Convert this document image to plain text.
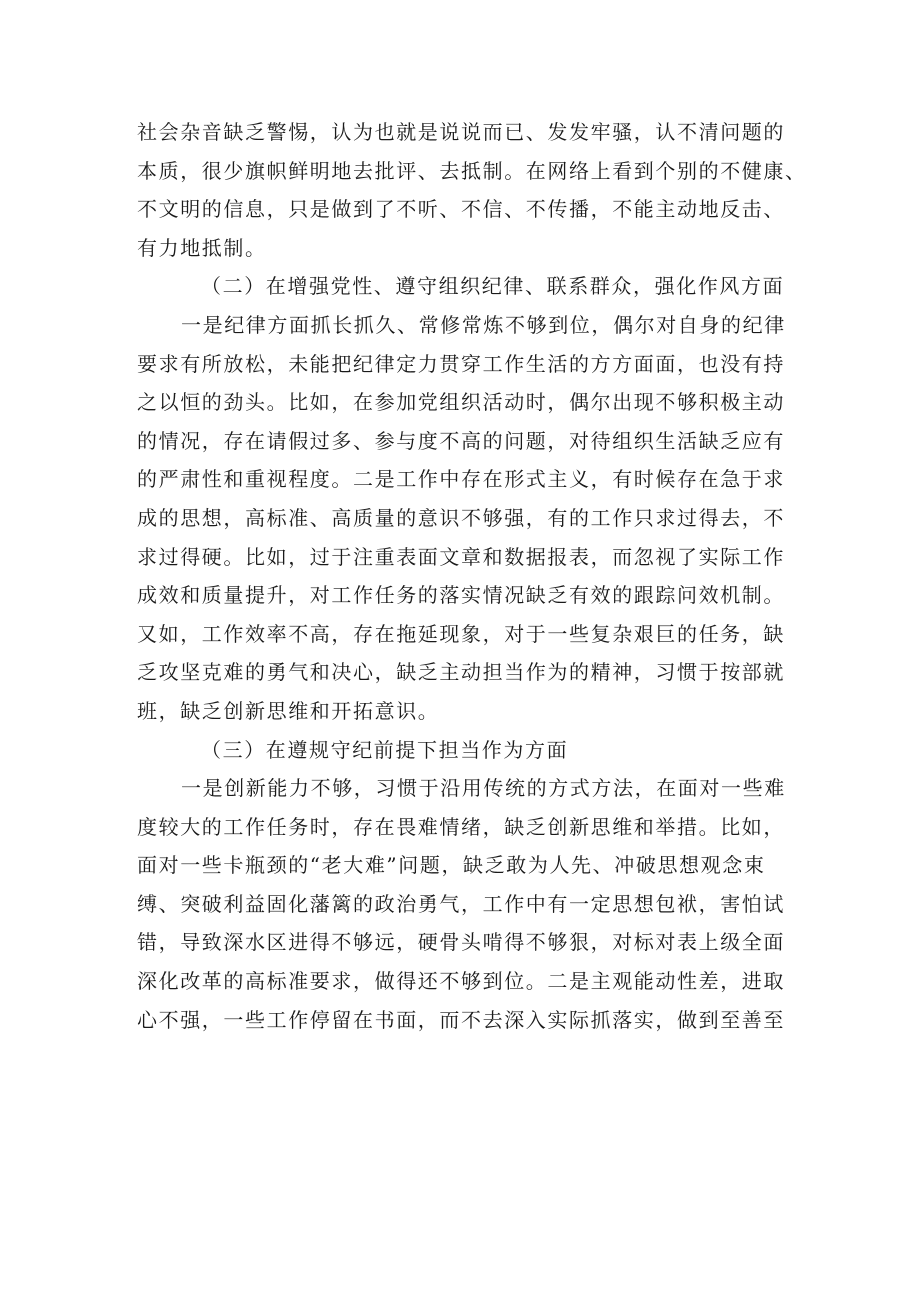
社会杂音缺乏警惕，认为也就是说说而已、发发牢骚，认不清问题的
本质，很少旗帜鲜明地去批评、去抵制。在网络上看到个别的不健康、
不文明的信息，只是做到了不听、不信、不传播，不能主动地反击、
有力地抵制。
（二）在增强党性、遵守组织纪律、联系群众，强化作风方面
一是纪律方面抓长抓久、常修常炼不够到位，偶尔对自身的纪律
要求有所放松，未能把纪律定力贯穿工作生活的方方面面，也没有持
之以恒的劲头。比如，在参加党组织活动时，偶尔出现不够积极主动
的情况，存在请假过多、参与度不高的问题，对待组织生活缺乏应有
的严肃性和重视程度。二是工作中存在形式主义，有时候存在急于求
成的思想，高标准、高质量的意识不够强，有的工作只求过得去，不
求过得硬。比如，过于注重表面文章和数据报表，而忽视了实际工作
成效和质量提升，对工作任务的落实情况缺乏有效的跟踪问效机制。
又如，工作效率不高，存在拖延现象，对于一些复杂艰巨的任务，缺
乏攻坚克难的勇气和决心，缺乏主动担当作为的精神，习惯于按部就
班，缺乏创新思维和开拓意识。
（三）在遵规守纪前提下担当作为方面
一是创新能力不够，习惯于沿用传统的方式方法，在面对一些难
度较大的工作任务时，存在畏难情绪，缺乏创新思维和举措。比如，
面对一些卡瓶颈的“老大难”问题，缺乏敢为人先、冲破思想观念束
缚、突破利益固化藩篱的政治勇气，工作中有一定思想包袱，害怕试
错，导致深水区进得不够远，硬骨头啃得不够狠，对标对表上级全面
深化改革的高标准要求，做得还不够到位。二是主观能动性差，进取
心不强，一些工作停留在书面，而不去深入实际抓落实，做到至善至
